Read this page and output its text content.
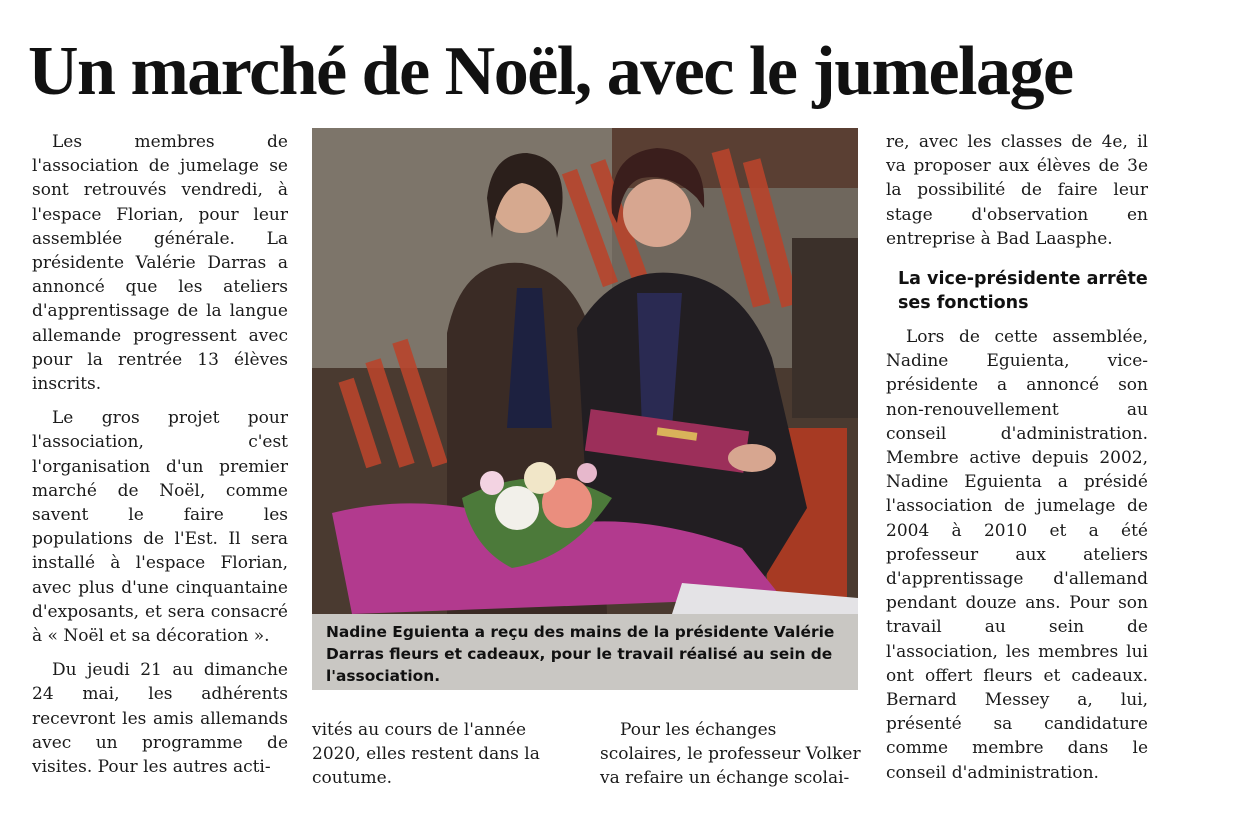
Un marché de Noël, avec le jumelage

Les membres de l'association de jumelage se sont retrouvés vendredi, à l'espace Florian, pour leur assemblée générale. La présidente Valérie Darras a annoncé que les ateliers d'apprentissage de la langue allemande progressent avec pour la rentrée 13 élèves inscrits.

Le gros projet pour l'association, c'est l'organisation d'un premier marché de Noël, comme savent le faire les populations de l'Est. Il sera installé à l'espace Florian, avec plus d'une cinquantaine d'exposants, et sera consacré à « Noël et sa décoration ».

Du jeudi 21 au dimanche 24 mai, les adhérents recevront les amis allemands avec un programme de visites. Pour les autres acti-

Nadine Eguienta a reçu des mains de la présidente Valérie Darras fleurs et cadeaux, pour le travail réalisé au sein de l'association.

vités au cours de l'année 2020, elles restent dans la coutume.

Pour les échanges scolaires, le professeur Volker va refaire un échange scolai-

re, avec les classes de 4e, il va proposer aux élèves de 3e la possibilité de faire leur stage d'observation en entreprise à Bad Laasphe.

La vice-présidente arrête ses fonctions

Lors de cette assemblée, Nadine Eguienta, vice-présidente a annoncé son non-renouvellement au conseil d'administration. Membre active depuis 2002, Nadine Eguienta a présidé l'association de jumelage de 2004 à 2010 et a été professeur aux ateliers d'apprentissage d'allemand pendant douze ans. Pour son travail au sein de l'association, les membres lui ont offert fleurs et cadeaux. Bernard Messey a, lui, présenté sa candidature comme membre dans le conseil d'administration.
